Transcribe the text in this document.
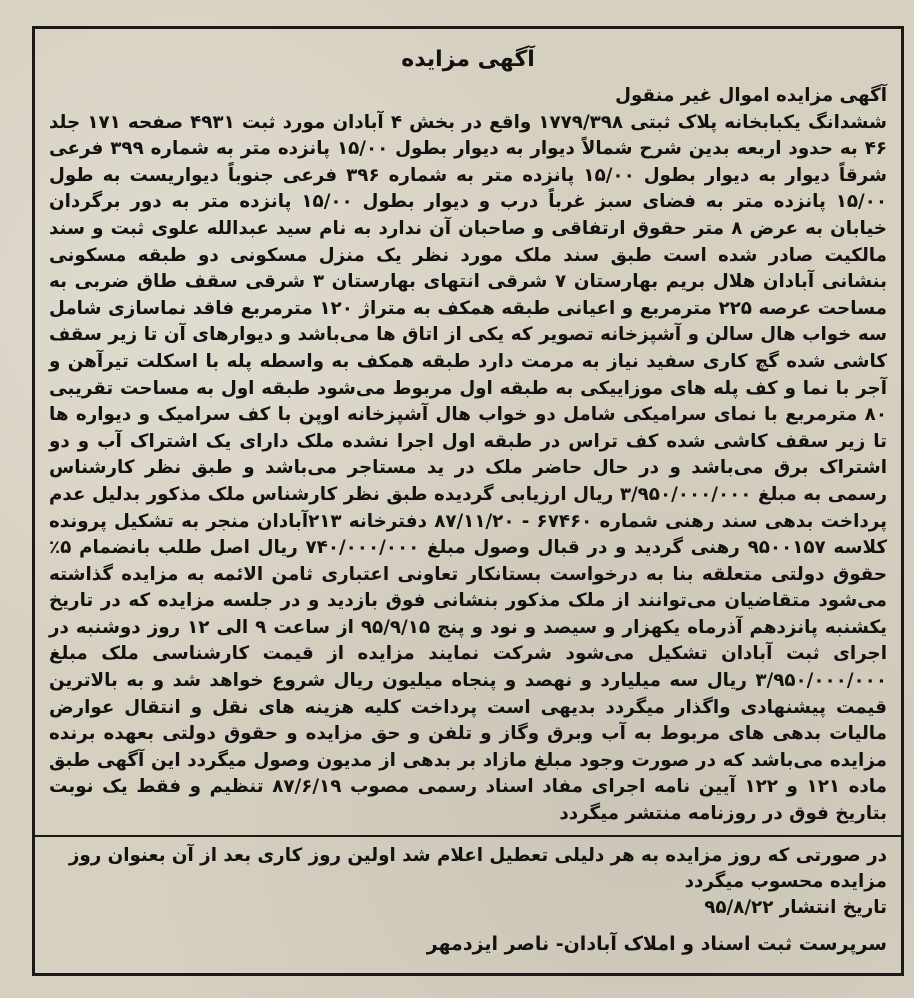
آگهی مزایده

آگهی مزایده اموال غیر منقول

ششدانگ یکبابخانه پلاک ثبتی ۱۷۷۹/۳۹۸ واقع در بخش ۴ آبادان مورد ثبت ۴۹۳۱ صفحه ۱۷۱ جلد ۴۶ به حدود اربعه بدین شرح شمالاً دیوار به دیوار بطول ۱۵/۰۰ پانزده متر به شماره ۳۹۹ فرعی شرقاً دیوار به دیوار بطول ۱۵/۰۰ پانزده متر به شماره ۳۹۶ فرعی جنوباً دیواریست به طول ۱۵/۰۰ پانزده متر به فضای سبز غرباً درب و دیوار بطول ۱۵/۰۰ پانزده متر به دور برگردان خیابان به عرض ۸ متر حقوق ارتفاقی و صاحبان آن ندارد به نام سید عبدالله علوی ثبت و سند مالکیت صادر شده است طبق سند ملک مورد نظر یک منزل مسکونی دو طبقه مسکونی بنشانی آبادان هلال بریم بهارستان ۷ شرقی انتهای بهارستان ۳ شرقی سقف طاق ضربی به مساحت عرصه ۲۲۵ مترمربع و اعیانی طبقه همکف به متراژ ۱۲۰ مترمربع فاقد نماسازی شامل سه خواب هال سالن و آشپزخانه تصویر که یکی از اتاق ها می‌باشد و دیوارهای آن تا زیر سقف کاشی شده گچ کاری سفید نیاز به مرمت دارد طبقه همکف به واسطه پله با اسکلت تیرآهن و آجر با نما و کف پله های موزاییکی به طبقه اول مربوط می‌شود طبقه اول به مساحت تقریبی ۸۰ مترمربع با نمای سرامیکی شامل دو خواب هال آشپزخانه اوپن با کف سرامیک و دیواره ها تا زیر سقف کاشی شده کف تراس در طبقه اول اجرا نشده ملک دارای یک اشتراک آب و دو اشتراک برق می‌باشد و در حال حاضر ملک در ید مستاجر می‌باشد و طبق نظر کارشناس رسمی به مبلغ ۳/۹۵۰/۰۰۰/۰۰۰ ریال ارزیابی گردیده طبق نظر کارشناس ملک مذکور بدلیل عدم پرداخت بدهی سند رهنی شماره ۶۷۴۶۰ - ۸۷/۱۱/۲۰ دفترخانه ۲۱۳آبادان منجر به تشکیل پرونده کلاسه ۹۵۰۰۱۵۷ رهنی گردید و در قبال وصول مبلغ ۷۴۰/۰۰۰/۰۰۰ ریال اصل طلب بانضمام ۵٪ حقوق دولتی متعلقه بنا به درخواست بستانکار تعاونی اعتباری ثامن الائمه به مزایده گذاشته می‌شود متقاضیان می‌توانند از ملک مذکور بنشانی فوق بازدید و در جلسه مزایده که در تاریخ یکشنبه پانزدهم آذرماه یکهزار و سیصد و نود و پنج ۹۵/۹/۱۵ از ساعت ۹ الی ۱۲ روز دوشنبه در اجرای ثبت آبادان تشکیل می‌شود شرکت نمایند مزایده از قیمت کارشناسی ملک مبلغ ۳/۹۵۰/۰۰۰/۰۰۰ ریال سه میلیارد و نهصد و پنجاه میلیون ریال شروع خواهد شد و به بالاترین قیمت پیشنهادی واگذار میگردد بدیهی است پرداخت کلیه هزینه های نقل و انتقال عوارض مالیات بدهی های مربوط به آب وبرق وگاز و تلفن و حق مزایده و حقوق دولتی بعهده برنده مزایده می‌باشد که در صورت وجود مبلغ مازاد بر بدهی از مدیون وصول میگردد این آگهی طبق ماده ۱۲۱ و ۱۲۲ آیین نامه اجرای مفاد اسناد رسمی مصوب ۸۷/۶/۱۹ تنظیم و فقط یک نوبت بتاریخ فوق در روزنامه منتشر میگردد

در صورتی که روز مزایده به هر دلیلی تعطیل اعلام شد اولین روز کاری بعد از آن بعنوان روز مزایده محسوب میگردد

تاریخ انتشار ۹۵/۸/۲۲

سرپرست ثبت اسناد و املاک آبادان- ناصر ایزدمهر
